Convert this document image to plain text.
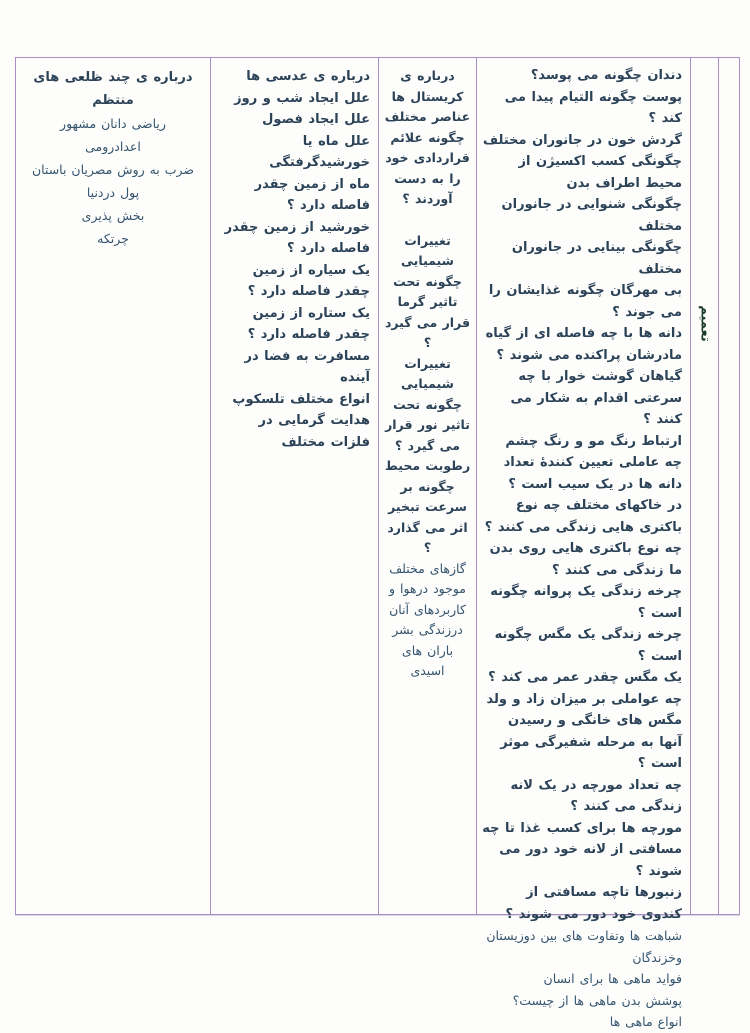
درباره ی چند ظلعی های منتظم
ریاضی دانان مشهور
اعدادرومی
ضرب به روش مصریان باستان
پول دردنیا
بخش پذیری
چرتکه
درباره ی عدسی ها
علل ایجاد شب و روز
علل ایجاد فصول
علل ماه یا خورشیدگرفتگی
ماه از زمین چقدر فاصله دارد ؟
خورشید از زمین چقدر فاصله دارد ؟
یک سیاره از زمین چقدر فاصله دارد ؟
یک ستاره از زمین چقدر فاصله دارد ؟
مسافرت به فضا در آینده
انواع مختلف تلسکوپ
هدایت گرمایی در فلزات مختلف
درباره ی کریستال ها
عناصر مختلف چگونه علائم قراردادی خود را به دست آوردند ؟
تغییرات شیمیایی چگونه تحت تاثیر گرما قرار می گیرد ؟
تغییرات شیمیایی چگونه تحت تاثیر نور قرار می گیرد ؟
رطوبت محیط چگونه بر سرعت تبخیر اثر می گذارد ؟
گازهای مختلف موجود درهوا و کاربردهای آنان درزندگی بشر
باران های اسیدی
دندان چگونه می پوسد؟
پوست چگونه التیام پیدا می کند ؟
گردش خون در جانوران مختلف
چگونگی کسب اکسیژن از محیط اطراف بدن
چگونگی شنوایی در جانوران مختلف
چگونگی بینایی در جانوران مختلف
بی مهرگان چگونه غذایشان را می جوند ؟
دانه ها با چه فاصله ای از گیاه مادرشان پراکنده می شوند ؟
گیاهان گوشت خوار با چه سرعتی اقدام به شکار می کنند ؟
ارتباط رنگ مو و رنگ چشم
چه عاملی تعیین کنندهٔ تعداد دانه ها در یک سیب است ؟
در خاکهای مختلف چه نوع باکتری هایی زندگی می کنند ؟
چه نوع باکتری هایی روی بدن ما زندگی می کنند ؟
چرخه زندگی یک پروانه چگونه است ؟
چرخه زندگی یک مگس چگونه است ؟
یک مگس چقدر عمر می کند ؟
چه عواملی بر میزان زاد و ولد مگس های خانگی و رسیدن آنها به مرحله شفیرگی موثر است ؟
چه تعداد مورچه در یک لانه زندگی می کنند ؟
مورچه ها برای کسب غذا تا چه مسافتی از لانه خود دور می شوند ؟
زنبورها تاچه مسافتی از کندوی خود دور می شوند ؟
شباهت ها وتفاوت های بین دوزیستان وخزندگان
فواید ماهی ها برای انسان
پوشش بدن ماهی ها از چیست؟
انواع ماهی ها
تعمیم
